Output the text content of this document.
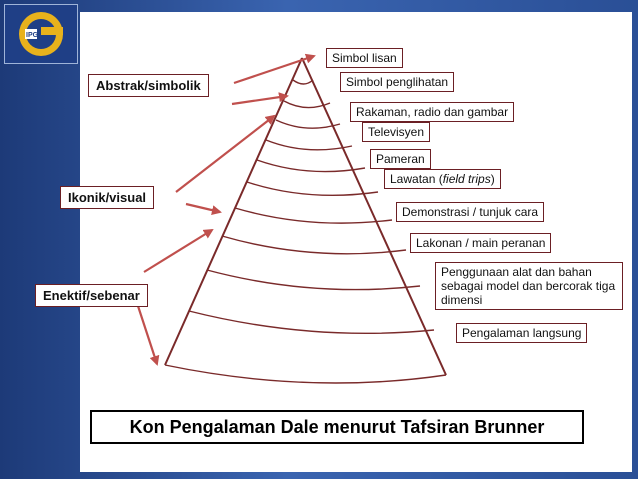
IPG
Abstrak/simbolik
Ikonik/visual
Enektif/sebenar
Simbol lisan
Simbol penglihatan
Rakaman, radio dan gambar
Televisyen
Pameran
Lawatan (field trips)
Demonstrasi / tunjuk cara
Lakonan / main peranan
Penggunaan alat dan bahan sebagai model dan bercorak tiga dimensi
Pengalaman langsung
Kon Pengalaman Dale menurut Tafsiran Brunner
